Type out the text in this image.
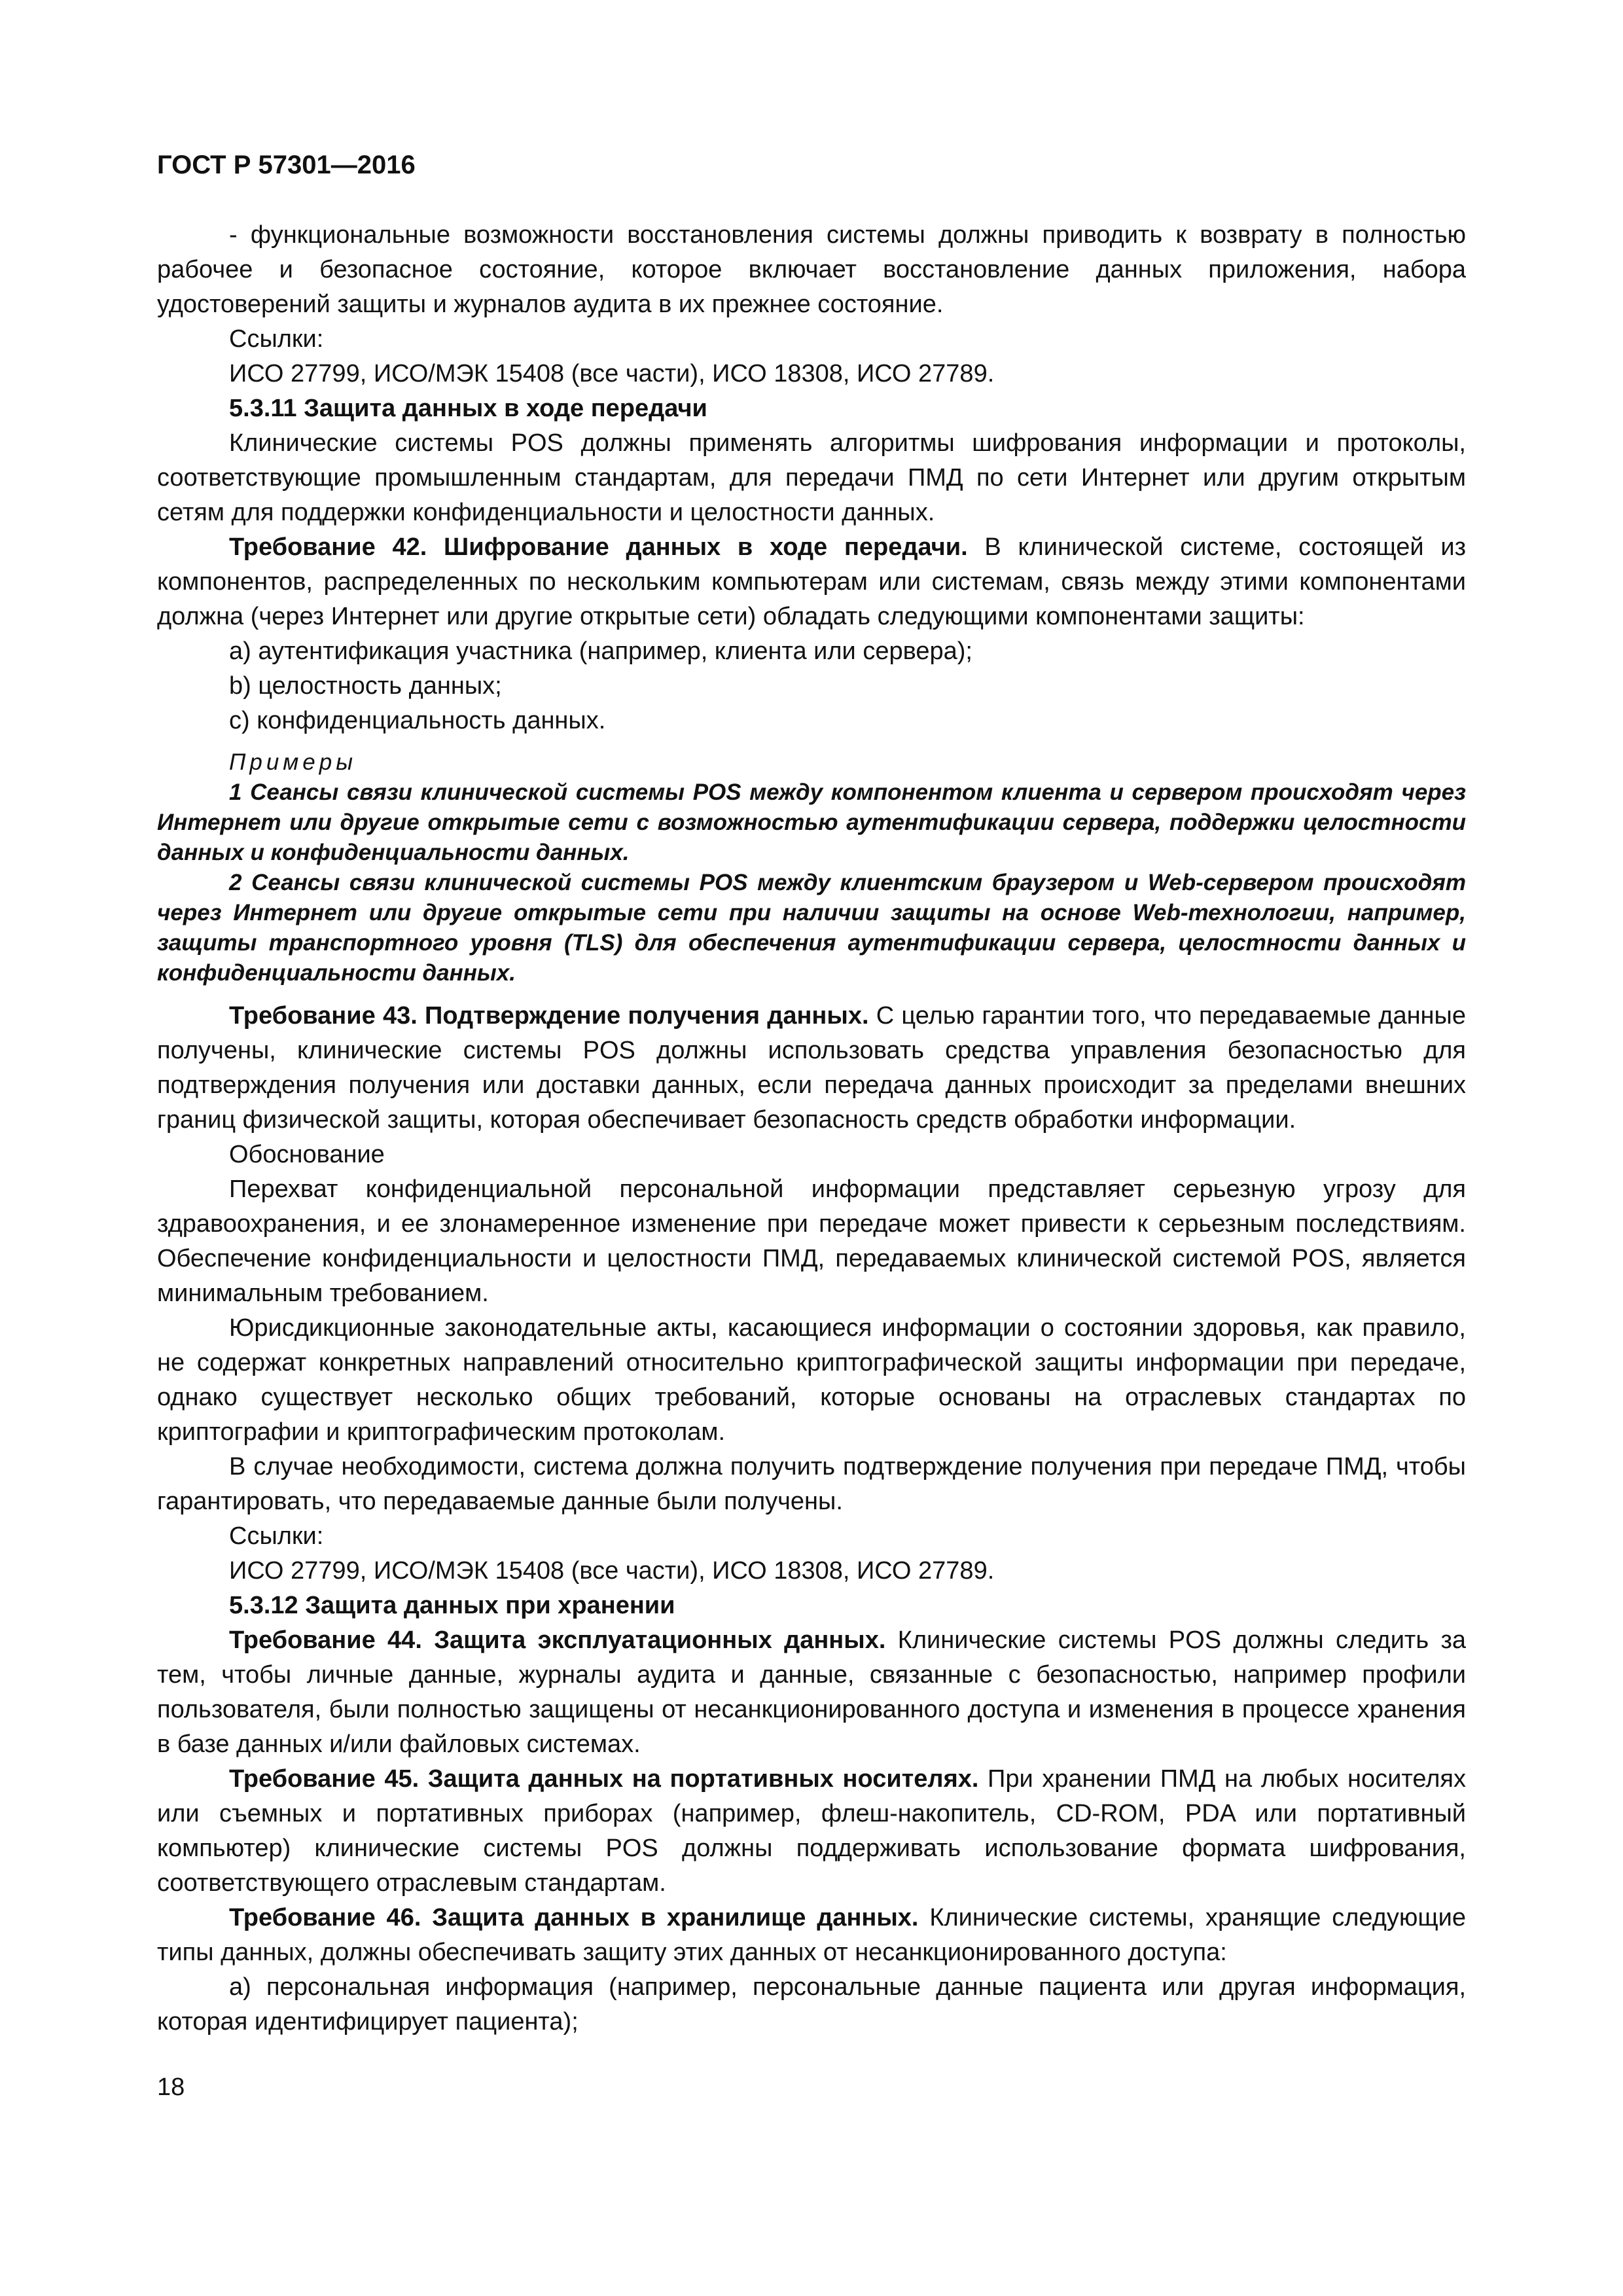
ГОСТ Р 57301—2016

- функциональные возможности восстановления системы должны приводить к возврату в полностью рабочее и безопасное состояние, которое включает восстановление данных приложения, набора удостоверений защиты и журналов аудита в их прежнее состояние.

Ссылки:

ИСО 27799, ИСО/МЭК 15408 (все части), ИСО 18308, ИСО 27789.

5.3.11 Защита данных в ходе передачи

Клинические системы POS должны применять алгоритмы шифрования информации и протоколы, соответствующие промышленным стандартам, для передачи ПМД по сети Интернет или другим открытым сетям для поддержки конфиденциальности и целостности данных.

Требование 42. Шифрование данных в ходе передачи. В клинической системе, состоящей из компонентов, распределенных по нескольким компьютерам или системам, связь между этими компонентами должна (через Интернет или другие открытые сети) обладать следующими компонентами защиты:

a) аутентификация участника (например, клиента или сервера);

b) целостность данных;

c) конфиденциальность данных.

Примеры

1 Сеансы связи клинической системы POS между компонентом клиента и сервером происходят через Интернет или другие открытые сети с возможностью аутентификации сервера, поддержки целостности данных и конфиденциальности данных.

2 Сеансы связи клинической системы POS между клиентским браузером и Web-сервером происходят через Интернет или другие открытые сети при наличии защиты на основе Web-технологии, например, защиты транспортного уровня (TLS) для обеспечения аутентификации сервера, целостности данных и конфиденциальности данных.

Требование 43. Подтверждение получения данных. С целью гарантии того, что передаваемые данные получены, клинические системы POS должны использовать средства управления безопасностью для подтверждения получения или доставки данных, если передача данных происходит за пределами внешних границ физической защиты, которая обеспечивает безопасность средств обработки информации.

Обоснование

Перехват конфиденциальной персональной информации представляет серьезную угрозу для здравоохранения, и ее злонамеренное изменение при передаче может привести к серьезным последствиям. Обеспечение конфиденциальности и целостности ПМД, передаваемых клинической системой POS, является минимальным требованием.

Юрисдикционные законодательные акты, касающиеся информации о состоянии здоровья, как правило, не содержат конкретных направлений относительно криптографической защиты информации при передаче, однако существует несколько общих требований, которые основаны на отраслевых стандартах по криптографии и криптографическим протоколам.

В случае необходимости, система должна получить подтверждение получения при передаче ПМД, чтобы гарантировать, что передаваемые данные были получены.

Ссылки:

ИСО 27799, ИСО/МЭК 15408 (все части), ИСО 18308, ИСО 27789.

5.3.12 Защита данных при хранении

Требование 44. Защита эксплуатационных данных. Клинические системы POS должны следить за тем, чтобы личные данные, журналы аудита и данные, связанные с безопасностью, например профили пользователя, были полностью защищены от несанкционированного доступа и изменения в процессе хранения в базе данных и/или файловых системах.

Требование 45. Защита данных на портативных носителях. При хранении ПМД на любых носителях или съемных и портативных приборах (например, флеш-накопитель, CD-ROM, PDA или портативный компьютер) клинические системы POS должны поддерживать использование формата шифрования, соответствующего отраслевым стандартам.

Требование 46. Защита данных в хранилище данных. Клинические системы, хранящие следующие типы данных, должны обеспечивать защиту этих данных от несанкционированного доступа:

а) персональная информация (например, персональные данные пациента или другая информация, которая идентифицирует пациента);

18
